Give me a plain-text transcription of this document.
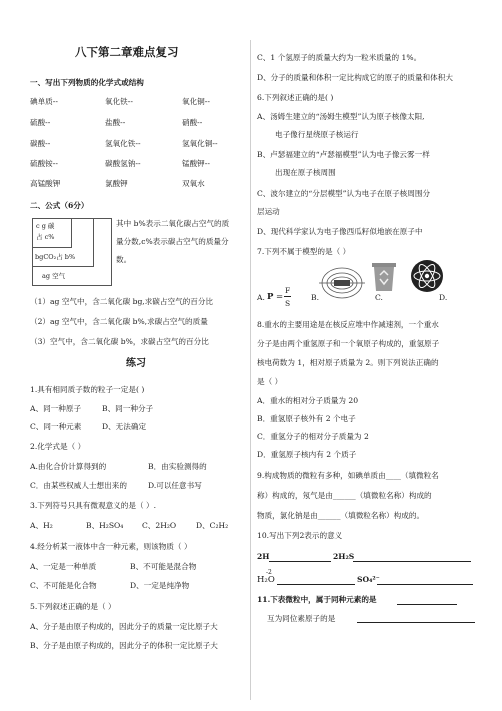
八下第二章难点复习
一、写出下列物质的化学式或结构
碘单质--	氧化铁--	氧化铜--
硫酸--	盐酸--	硝酸--
碳酸--	氢氧化铁--	氢氧化铜--
硫酸铵--	碳酸氢钠--	锰酸钾--
高锰酸钾	氯酸钾	双氧水
二、公式（6分）
c g 碳
占 c%
bgCO₂占 b%
ag 空气
其中 b%表示二氧化碳占空气的质
量分数,c%表示碳占空气的质量分
数。
（1）ag 空气中，含二氧化碳 bg,求碳占空气的百分比
（2）ag 空气中，含二氧化碳 b%,求碳占空气的质量
（3）空气中，含二氧化碳 b%，求碳占空气的百分比
练习
1.具有相同质子数的粒子一定是( )
A、同一种原子	B、同一种分子
C、同一种元素	D、无法确定
2.化学式是（ ）
A.由化合价计算得到的	B．由实验测得的
C．由某些权威人士想出来的	D.可以任意书写
3.下列符号只具有微观意义的是（ ）.
A、H₂	B、H₂SO₄ C、2H₂O	D、C₂H₂
4.经分析某一液体中含一种元素，则该物质（ ）
A、一定是一种单质	B、不可能是混合物
C、不可能是化合物	D、一定是纯净物
5.下列叙述正确的是（ ）
A、分子是由原子构成的，因此分子的质量一定比原子大
B、分子是由原子构成的，因此分子的体积一定比原子大
C、1 个氢原子的质量大约为一粒米质量的 1%。
D、分子的质量和体积一定比构成它的原子的质量和体积大
6.下列叙述正确的是( )
A、汤姆生建立的“汤姆生模型”认为原子核像太阳,
电子像行星绕原子核运行
B、卢瑟福建立的“卢瑟福模型”认为电子像云雾一样
出现在原子核周围
C、波尔建立的“分层模型”认为电子在原子核周围分
层运动
D、现代科学家认为电子像西瓜籽似地嵌在原子中
7.下列不属于模型的是（ ）
A. P =
F
S
B.	C.	D.
8.重水的主要用途是在核反应堆中作减速剂，一个重水
分子是由两个重氢原子和一个氧原子构成的，重氢原子
核电荷数为 1，相对原子质量为 2。则下列说法正确的
是（ ）
A．重水的相对分子质量为 20
B．重氢原子核外有 2 个电子
C．重氢分子的相对分子质量为 2
D．重氢原子核内有 2 个质子
9.构成物质的微粒有多种，如碘单质由____（填微粒名
称）构成的，氖气是由______（填微粒名称）构成的
物质，氯化钠是由______（填微粒名称）构成的。
10.写出下列2表示的意义
2H	2H₂S
-2
H₂O	SO₄²⁻
11.下表微粒中，属于同种元素的是
互为同位素原子的是
